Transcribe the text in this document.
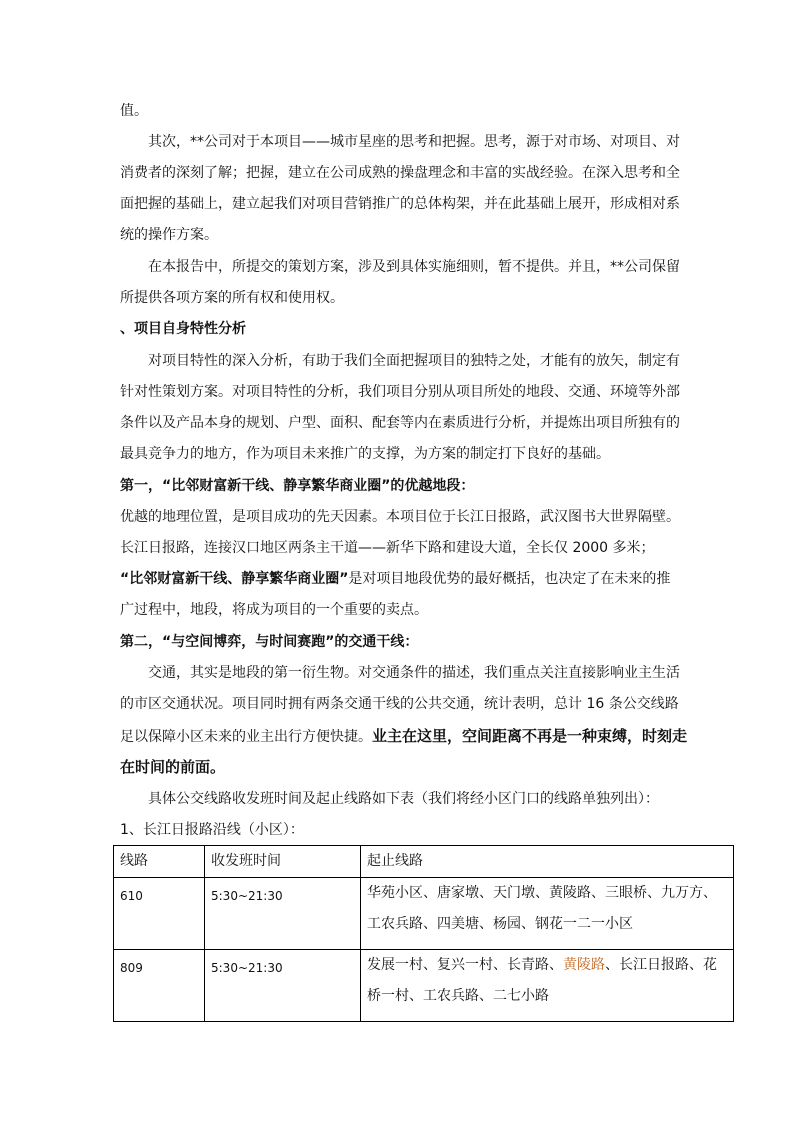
值。
其次，**公司对于本项目——城市星座的思考和把握。思考，源于对市场、对项目、对
消费者的深刻了解；把握，建立在公司成熟的操盘理念和丰富的实战经验。在深入思考和全
面把握的基础上，建立起我们对项目营销推广的总体构架，并在此基础上展开，形成相对系
统的操作方案。
在本报告中，所提交的策划方案，涉及到具体实施细则，暂不提供。并且，**公司保留
所提供各项方案的所有权和使用权。
、项目自身特性分析
对项目特性的深入分析，有助于我们全面把握项目的独特之处，才能有的放矢，制定有
针对性策划方案。对项目特性的分析，我们项目分别从项目所处的地段、交通、环境等外部
条件以及产品本身的规划、户型、面积、配套等内在素质进行分析，并提炼出项目所独有的
最具竞争力的地方，作为项目未来推广的支撑，为方案的制定打下良好的基础。
第一，“比邻财富新干线、静享繁华商业圈”的优越地段：
优越的地理位置，是项目成功的先天因素。本项目位于长江日报路，武汉图书大世界隔壁。
长江日报路，连接汉口地区两条主干道——新华下路和建设大道，全长仅 2000 多米；
“比邻财富新干线、静享繁华商业圈”是对项目地段优势的最好概括，也决定了在未来的推
广过程中，地段，将成为项目的一个重要的卖点。
第二，“与空间博弈，与时间赛跑”的交通干线：
交通，其实是地段的第一衍生物。对交通条件的描述，我们重点关注直接影响业主生活
的市区交通状况。项目同时拥有两条交通干线的公共交通，统计表明，总计 16 条公交线路
足以保障小区未来的业主出行方便快捷。业主在这里，空间距离不再是一种束缚，时刻走
在时间的前面。
具体公交线路收发班时间及起止线路如下表（我们将经小区门口的线路单独列出）：
1、长江日报路沿线（小区）：
线路	收发班时间	起止线路
610	5:30~21:30	华苑小区、唐家墩、天门墩、黄陵路、三眼桥、九万方、工农兵路、四美塘、杨园、钢花一二一小区
809	5:30~21:30	发展一村、复兴一村、长青路、黄陵路、长江日报路、花桥一村、工农兵路、二七小路
